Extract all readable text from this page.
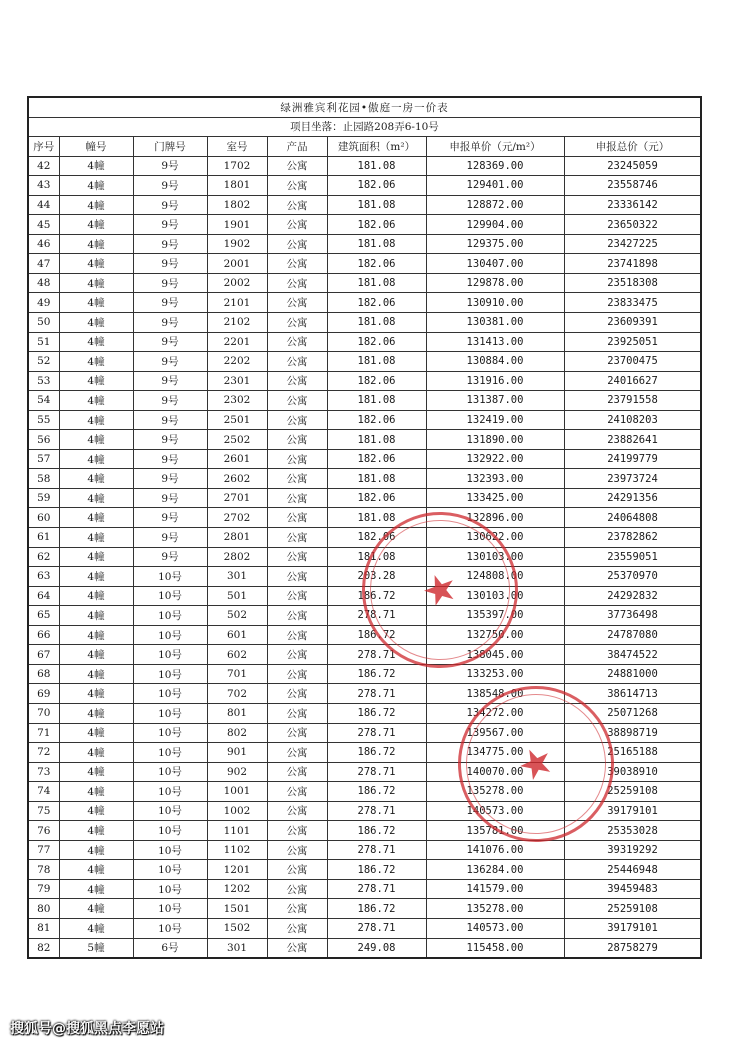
绿洲雅宾利花园•傲庭一房一价表								
项目坐落：止园路208弄6-10号								
序号	幢号	门牌号	室号	产品	建筑面积（m²）	申报单价（元/m²）	申报总价（元）	
42	4幢	9号	1702	公寓	181.08	128369.00	23245059	
43	4幢	9号	1801	公寓	182.06	129401.00	23558746	
44	4幢	9号	1802	公寓	181.08	128872.00	23336142	
45	4幢	9号	1901	公寓	182.06	129904.00	23650322	
46	4幢	9号	1902	公寓	181.08	129375.00	23427225	
47	4幢	9号	2001	公寓	182.06	130407.00	23741898	
48	4幢	9号	2002	公寓	181.08	129878.00	23518308	
49	4幢	9号	2101	公寓	182.06	130910.00	23833475	
50	4幢	9号	2102	公寓	181.08	130381.00	23609391	
51	4幢	9号	2201	公寓	182.06	131413.00	23925051	
52	4幢	9号	2202	公寓	181.08	130884.00	23700475	
53	4幢	9号	2301	公寓	182.06	131916.00	24016627	
54	4幢	9号	2302	公寓	181.08	131387.00	23791558	
55	4幢	9号	2501	公寓	182.06	132419.00	24108203	
56	4幢	9号	2502	公寓	181.08	131890.00	23882641	
57	4幢	9号	2601	公寓	182.06	132922.00	24199779	
58	4幢	9号	2602	公寓	181.08	132393.00	23973724	
59	4幢	9号	2701	公寓	182.06	133425.00	24291356	
60	4幢	9号	2702	公寓	181.08	132896.00	24064808	
61	4幢	9号	2801	公寓	182.06	130622.00	23782862	
62	4幢	9号	2802	公寓	181.08	130103.00	23559051	
63	4幢	10号	301	公寓	203.28	124808.00	25370970	
64	4幢	10号	501	公寓	186.72	130103.00	24292832	
65	4幢	10号	502	公寓	278.71	135397.00	37736498	
66	4幢	10号	601	公寓	186.72	132750.00	24787080	
67	4幢	10号	602	公寓	278.71	138045.00	38474522	
68	4幢	10号	701	公寓	186.72	133253.00	24881000	
69	4幢	10号	702	公寓	278.71	138548.00	38614713	
70	4幢	10号	801	公寓	186.72	134272.00	25071268	
71	4幢	10号	802	公寓	278.71	139567.00	38898719	
72	4幢	10号	901	公寓	186.72	134775.00	25165188	
73	4幢	10号	902	公寓	278.71	140070.00	39038910	
74	4幢	10号	1001	公寓	186.72	135278.00	25259108	
75	4幢	10号	1002	公寓	278.71	140573.00	39179101	
76	4幢	10号	1101	公寓	186.72	135781.00	25353028	
77	4幢	10号	1102	公寓	278.71	141076.00	39319292	
78	4幢	10号	1201	公寓	186.72	136284.00	25446948	
79	4幢	10号	1202	公寓	278.71	141579.00	39459483	
80	4幢	10号	1501	公寓	186.72	135278.00	25259108	
81	4幢	10号	1502	公寓	278.71	140573.00	39179101	
82	5幢	6号	301	公寓	249.08	115458.00	28758279	
★
★
搜狐号@搜狐黑点李愿站
